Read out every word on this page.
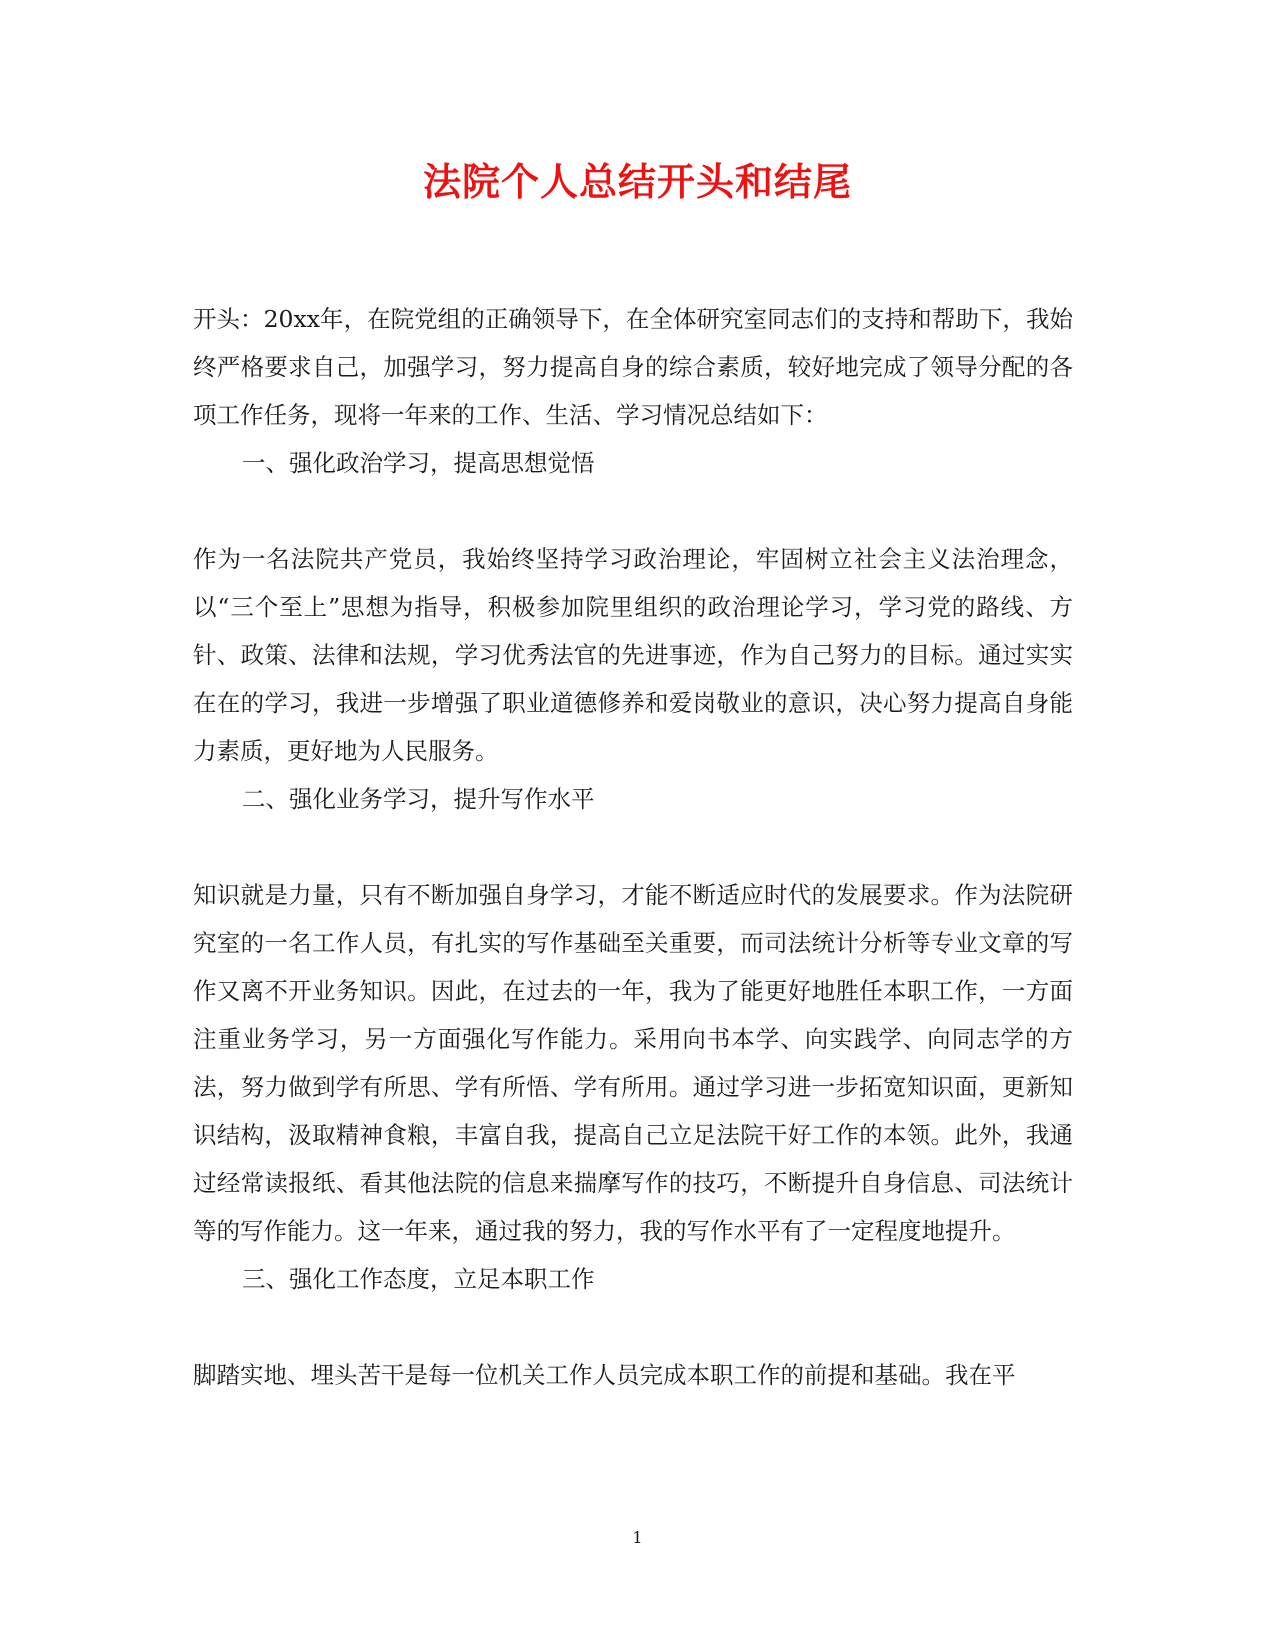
法院个人总结开头和结尾

开头：20xx年，在院党组的正确领导下，在全体研究室同志们的支持和帮助下，我始终严格要求自己，加强学习，努力提高自身的综合素质，较好地完成了领导分配的各项工作任务，现将一年来的工作、生活、学习情况总结如下：

一、强化政治学习，提高思想觉悟

作为一名法院共产党员，我始终坚持学习政治理论，牢固树立社会主义法治理念，以“三个至上”思想为指导，积极参加院里组织的政治理论学习，学习党的路线、方针、政策、法律和法规，学习优秀法官的先进事迹，作为自己努力的目标。通过实实在在的学习，我进一步增强了职业道德修养和爱岗敬业的意识，决心努力提高自身能力素质，更好地为人民服务。

二、强化业务学习，提升写作水平

知识就是力量，只有不断加强自身学习，才能不断适应时代的发展要求。作为法院研究室的一名工作人员，有扎实的写作基础至关重要，而司法统计分析等专业文章的写作又离不开业务知识。因此，在过去的一年，我为了能更好地胜任本职工作，一方面注重业务学习，另一方面强化写作能力。采用向书本学、向实践学、向同志学的方法，努力做到学有所思、学有所悟、学有所用。通过学习进一步拓宽知识面，更新知识结构，汲取精神食粮，丰富自我，提高自己立足法院干好工作的本领。此外，我通过经常读报纸、看其他法院的信息来揣摩写作的技巧，不断提升自身信息、司法统计等的写作能力。这一年来，通过我的努力，我的写作水平有了一定程度地提升。

三、强化工作态度，立足本职工作

脚踏实地、埋头苦干是每一位机关工作人员完成本职工作的前提和基础。我在平

1
